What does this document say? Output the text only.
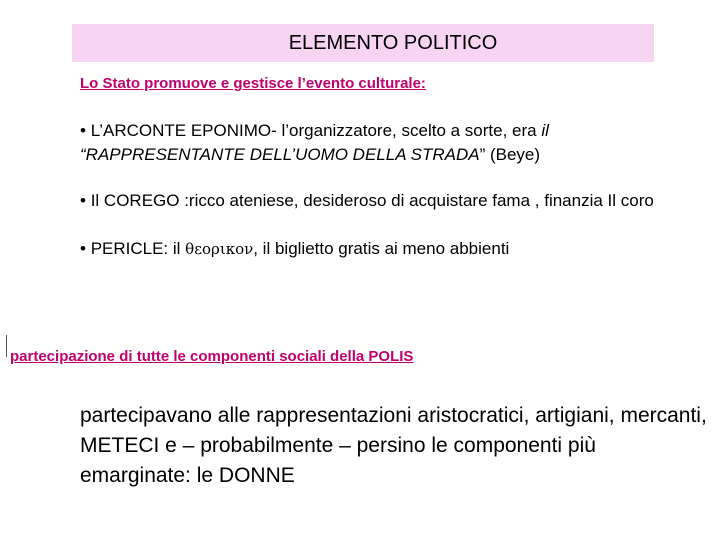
ELEMENTO POLITICO
Lo Stato promuove e gestisce l’evento culturale:

• L’ARCONTE EPONIMO- l’organizzatore, scelto a sorte, era il “RAPPRESENTANTE DELL’UOMO DELLA STRADA” (Beye)

• Il COREGO :ricco ateniese, desideroso di acquistare fama , finanzia Il coro

• PERICLE: il θεορικον, il biglietto gratis ai meno abbienti

partecipazione di tutte le componenti sociali della POLIS

partecipavano alle rappresentazioni aristocratici, artigiani, mercanti, METECI e – probabilmente – persino le componenti più emarginate: le DONNE
